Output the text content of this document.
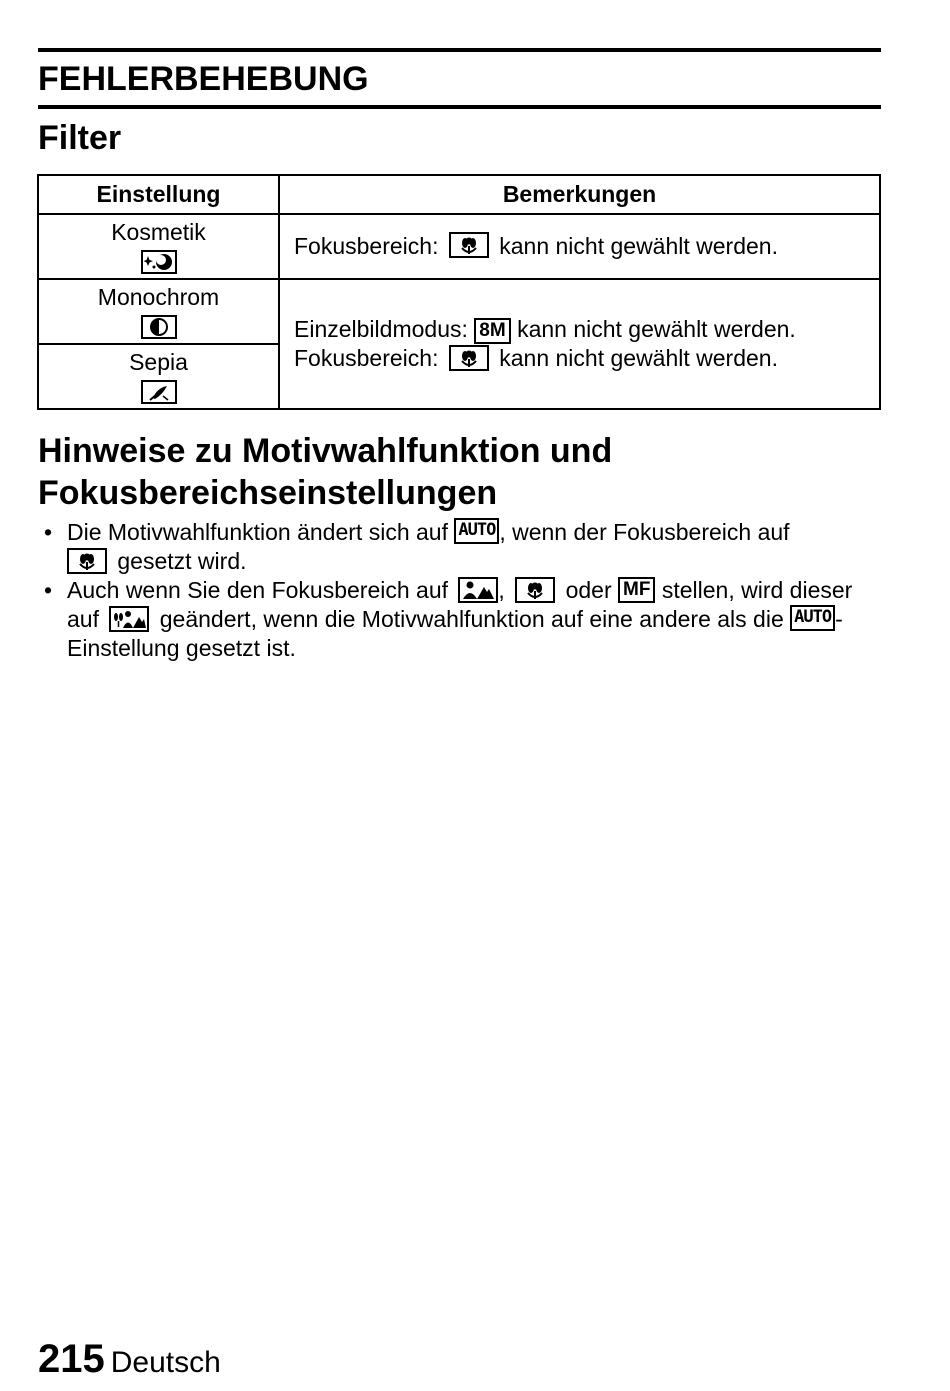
FEHLERBEHEBUNG
Filter
Einstellung	Bemerkungen

Kosmetik	Fokusbereich: kann nicht gewählt werden.

Monochrom	Einzelbildmodus: 8M kann nicht gewählt werden.
Fokusbereich: kann nicht gewählt werden.

Sepia	
Hinweise zu Motivwahlfunktion und
Fokusbereichseinstellungen
• Die Motivwahlfunktion ändert sich auf AUTO , wenn der Fokusbereich auf

gesetzt wird.
• Auch wenn Sie den Fokusbereich auf ,	oder MF stellen, wird dieser auf	geändert, wenn die Motivwahlfunktion auf eine andere als die AUTO -Einstellung gesetzt ist.
215 Deutsch
